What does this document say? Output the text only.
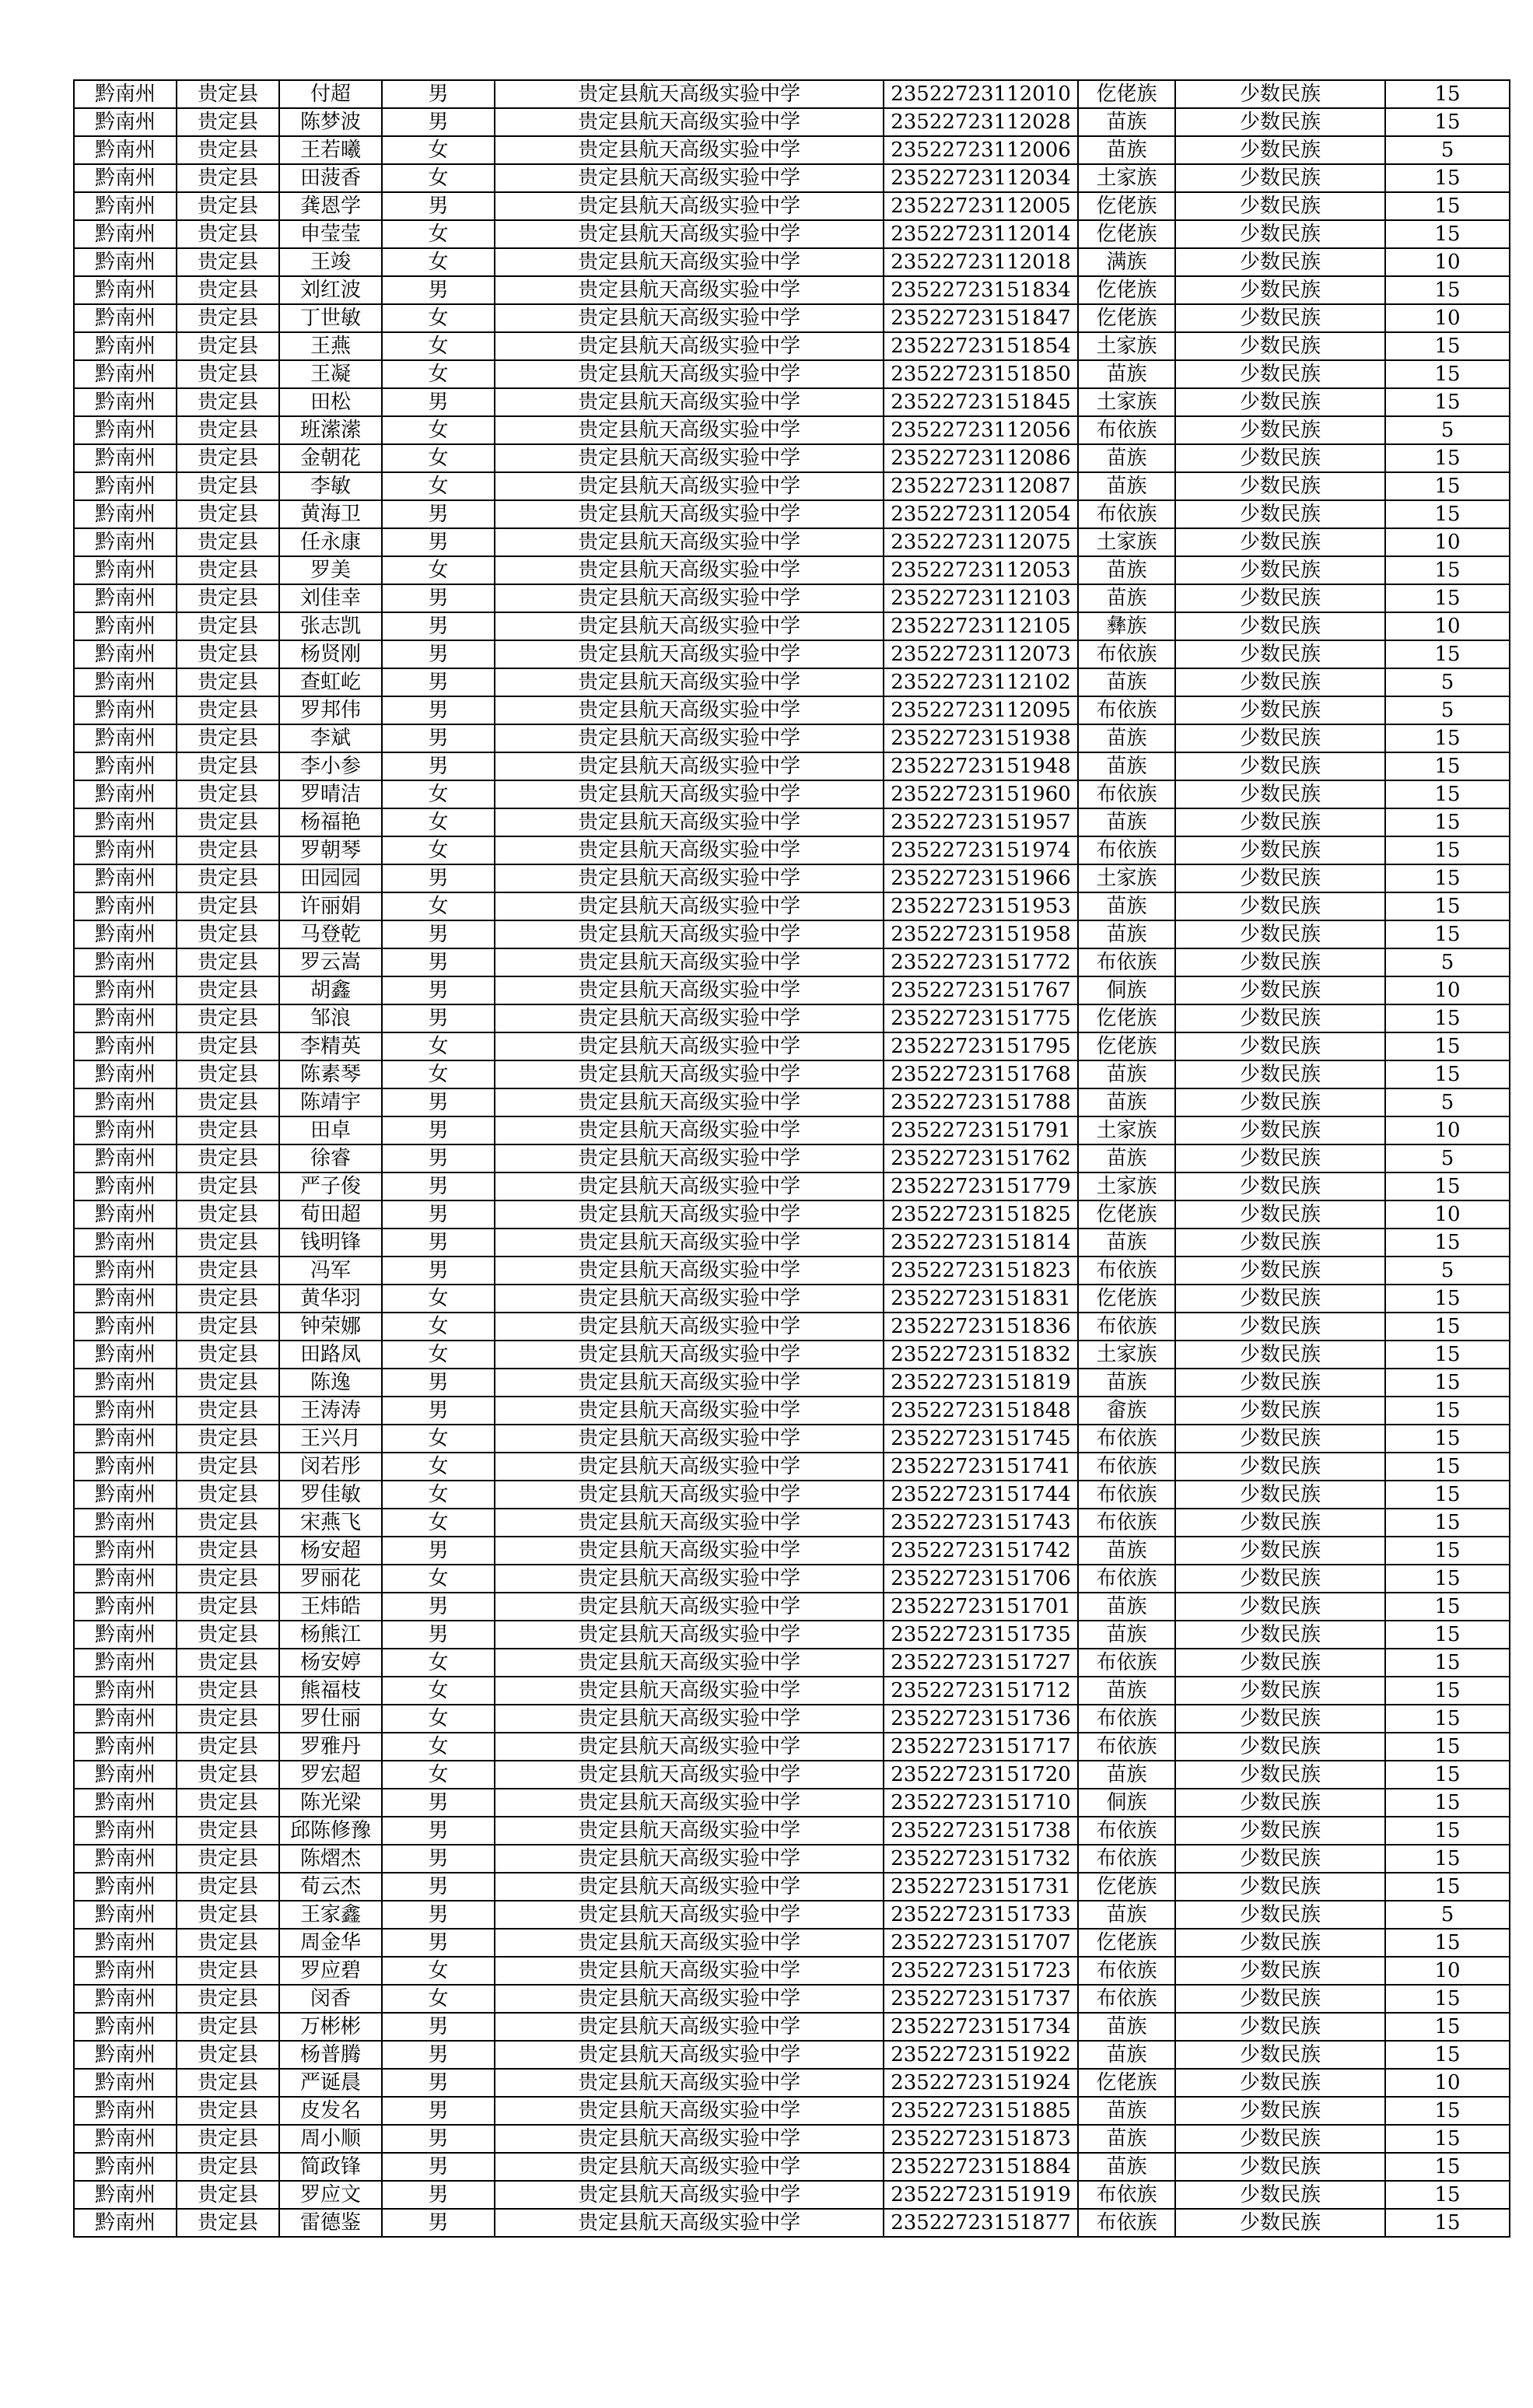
黔南州	贵定县	付超	男	贵定县航天高级实验中学	23522723112010	仡佬族	少数民族	15
黔南州	贵定县	陈梦波	男	贵定县航天高级实验中学	23522723112028	苗族	少数民族	15
黔南州	贵定县	王若曦	女	贵定县航天高级实验中学	23522723112006	苗族	少数民族	5
黔南州	贵定县	田菠香	女	贵定县航天高级实验中学	23522723112034	土家族	少数民族	15
黔南州	贵定县	龚恩学	男	贵定县航天高级实验中学	23522723112005	仡佬族	少数民族	15
黔南州	贵定县	申莹莹	女	贵定县航天高级实验中学	23522723112014	仡佬族	少数民族	15
黔南州	贵定县	王竣	女	贵定县航天高级实验中学	23522723112018	满族	少数民族	10
黔南州	贵定县	刘红波	男	贵定县航天高级实验中学	23522723151834	仡佬族	少数民族	15
黔南州	贵定县	丁世敏	女	贵定县航天高级实验中学	23522723151847	仡佬族	少数民族	10
黔南州	贵定县	王燕	女	贵定县航天高级实验中学	23522723151854	土家族	少数民族	15
黔南州	贵定县	王凝	女	贵定县航天高级实验中学	23522723151850	苗族	少数民族	15
黔南州	贵定县	田松	男	贵定县航天高级实验中学	23522723151845	土家族	少数民族	15
黔南州	贵定县	班潆潆	女	贵定县航天高级实验中学	23522723112056	布依族	少数民族	5
黔南州	贵定县	金朝花	女	贵定县航天高级实验中学	23522723112086	苗族	少数民族	15
黔南州	贵定县	李敏	女	贵定县航天高级实验中学	23522723112087	苗族	少数民族	15
黔南州	贵定县	黄海卫	男	贵定县航天高级实验中学	23522723112054	布依族	少数民族	15
黔南州	贵定县	任永康	男	贵定县航天高级实验中学	23522723112075	土家族	少数民族	10
黔南州	贵定县	罗美	女	贵定县航天高级实验中学	23522723112053	苗族	少数民族	15
黔南州	贵定县	刘佳幸	男	贵定县航天高级实验中学	23522723112103	苗族	少数民族	15
黔南州	贵定县	张志凯	男	贵定县航天高级实验中学	23522723112105	彝族	少数民族	10
黔南州	贵定县	杨贤刚	男	贵定县航天高级实验中学	23522723112073	布依族	少数民族	15
黔南州	贵定县	查虹屹	男	贵定县航天高级实验中学	23522723112102	苗族	少数民族	5
黔南州	贵定县	罗邦伟	男	贵定县航天高级实验中学	23522723112095	布依族	少数民族	5
黔南州	贵定县	李斌	男	贵定县航天高级实验中学	23522723151938	苗族	少数民族	15
黔南州	贵定县	李小参	男	贵定县航天高级实验中学	23522723151948	苗族	少数民族	15
黔南州	贵定县	罗晴洁	女	贵定县航天高级实验中学	23522723151960	布依族	少数民族	15
黔南州	贵定县	杨福艳	女	贵定县航天高级实验中学	23522723151957	苗族	少数民族	15
黔南州	贵定县	罗朝琴	女	贵定县航天高级实验中学	23522723151974	布依族	少数民族	15
黔南州	贵定县	田园园	男	贵定县航天高级实验中学	23522723151966	土家族	少数民族	15
黔南州	贵定县	许丽娟	女	贵定县航天高级实验中学	23522723151953	苗族	少数民族	15
黔南州	贵定县	马登乾	男	贵定县航天高级实验中学	23522723151958	苗族	少数民族	15
黔南州	贵定县	罗云嵩	男	贵定县航天高级实验中学	23522723151772	布依族	少数民族	5
黔南州	贵定县	胡鑫	男	贵定县航天高级实验中学	23522723151767	侗族	少数民族	10
黔南州	贵定县	邹浪	男	贵定县航天高级实验中学	23522723151775	仡佬族	少数民族	15
黔南州	贵定县	李精英	女	贵定县航天高级实验中学	23522723151795	仡佬族	少数民族	15
黔南州	贵定县	陈素琴	女	贵定县航天高级实验中学	23522723151768	苗族	少数民族	15
黔南州	贵定县	陈靖宇	男	贵定县航天高级实验中学	23522723151788	苗族	少数民族	5
黔南州	贵定县	田卓	男	贵定县航天高级实验中学	23522723151791	土家族	少数民族	10
黔南州	贵定县	徐睿	男	贵定县航天高级实验中学	23522723151762	苗族	少数民族	5
黔南州	贵定县	严子俊	男	贵定县航天高级实验中学	23522723151779	土家族	少数民族	15
黔南州	贵定县	荀田超	男	贵定县航天高级实验中学	23522723151825	仡佬族	少数民族	10
黔南州	贵定县	钱明锋	男	贵定县航天高级实验中学	23522723151814	苗族	少数民族	15
黔南州	贵定县	冯军	男	贵定县航天高级实验中学	23522723151823	布依族	少数民族	5
黔南州	贵定县	黄华羽	女	贵定县航天高级实验中学	23522723151831	仡佬族	少数民族	15
黔南州	贵定县	钟荣娜	女	贵定县航天高级实验中学	23522723151836	布依族	少数民族	15
黔南州	贵定县	田路凤	女	贵定县航天高级实验中学	23522723151832	土家族	少数民族	15
黔南州	贵定县	陈逸	男	贵定县航天高级实验中学	23522723151819	苗族	少数民族	15
黔南州	贵定县	王涛涛	男	贵定县航天高级实验中学	23522723151848	畲族	少数民族	15
黔南州	贵定县	王兴月	女	贵定县航天高级实验中学	23522723151745	布依族	少数民族	15
黔南州	贵定县	闵若彤	女	贵定县航天高级实验中学	23522723151741	布依族	少数民族	15
黔南州	贵定县	罗佳敏	女	贵定县航天高级实验中学	23522723151744	布依族	少数民族	15
黔南州	贵定县	宋燕飞	女	贵定县航天高级实验中学	23522723151743	布依族	少数民族	15
黔南州	贵定县	杨安超	男	贵定县航天高级实验中学	23522723151742	苗族	少数民族	15
黔南州	贵定县	罗丽花	女	贵定县航天高级实验中学	23522723151706	布依族	少数民族	15
黔南州	贵定县	王炜皓	男	贵定县航天高级实验中学	23522723151701	苗族	少数民族	15
黔南州	贵定县	杨熊江	男	贵定县航天高级实验中学	23522723151735	苗族	少数民族	15
黔南州	贵定县	杨安婷	女	贵定县航天高级实验中学	23522723151727	布依族	少数民族	15
黔南州	贵定县	熊福枝	女	贵定县航天高级实验中学	23522723151712	苗族	少数民族	15
黔南州	贵定县	罗仕丽	女	贵定县航天高级实验中学	23522723151736	布依族	少数民族	15
黔南州	贵定县	罗雅丹	女	贵定县航天高级实验中学	23522723151717	布依族	少数民族	15
黔南州	贵定县	罗宏超	女	贵定县航天高级实验中学	23522723151720	苗族	少数民族	15
黔南州	贵定县	陈光梁	男	贵定县航天高级实验中学	23522723151710	侗族	少数民族	15
黔南州	贵定县	邱陈修豫	男	贵定县航天高级实验中学	23522723151738	布依族	少数民族	15
黔南州	贵定县	陈熠杰	男	贵定县航天高级实验中学	23522723151732	布依族	少数民族	15
黔南州	贵定县	荀云杰	男	贵定县航天高级实验中学	23522723151731	仡佬族	少数民族	15
黔南州	贵定县	王家鑫	男	贵定县航天高级实验中学	23522723151733	苗族	少数民族	5
黔南州	贵定县	周金华	男	贵定县航天高级实验中学	23522723151707	仡佬族	少数民族	15
黔南州	贵定县	罗应碧	女	贵定县航天高级实验中学	23522723151723	布依族	少数民族	10
黔南州	贵定县	闵香	女	贵定县航天高级实验中学	23522723151737	布依族	少数民族	15
黔南州	贵定县	万彬彬	男	贵定县航天高级实验中学	23522723151734	苗族	少数民族	15
黔南州	贵定县	杨普腾	男	贵定县航天高级实验中学	23522723151922	苗族	少数民族	15
黔南州	贵定县	严诞晨	男	贵定县航天高级实验中学	23522723151924	仡佬族	少数民族	10
黔南州	贵定县	皮发名	男	贵定县航天高级实验中学	23522723151885	苗族	少数民族	15
黔南州	贵定县	周小顺	男	贵定县航天高级实验中学	23522723151873	苗族	少数民族	15
黔南州	贵定县	简政锋	男	贵定县航天高级实验中学	23522723151884	苗族	少数民族	15
黔南州	贵定县	罗应文	男	贵定县航天高级实验中学	23522723151919	布依族	少数民族	15
黔南州	贵定县	雷德鉴	男	贵定县航天高级实验中学	23522723151877	布依族	少数民族	15
